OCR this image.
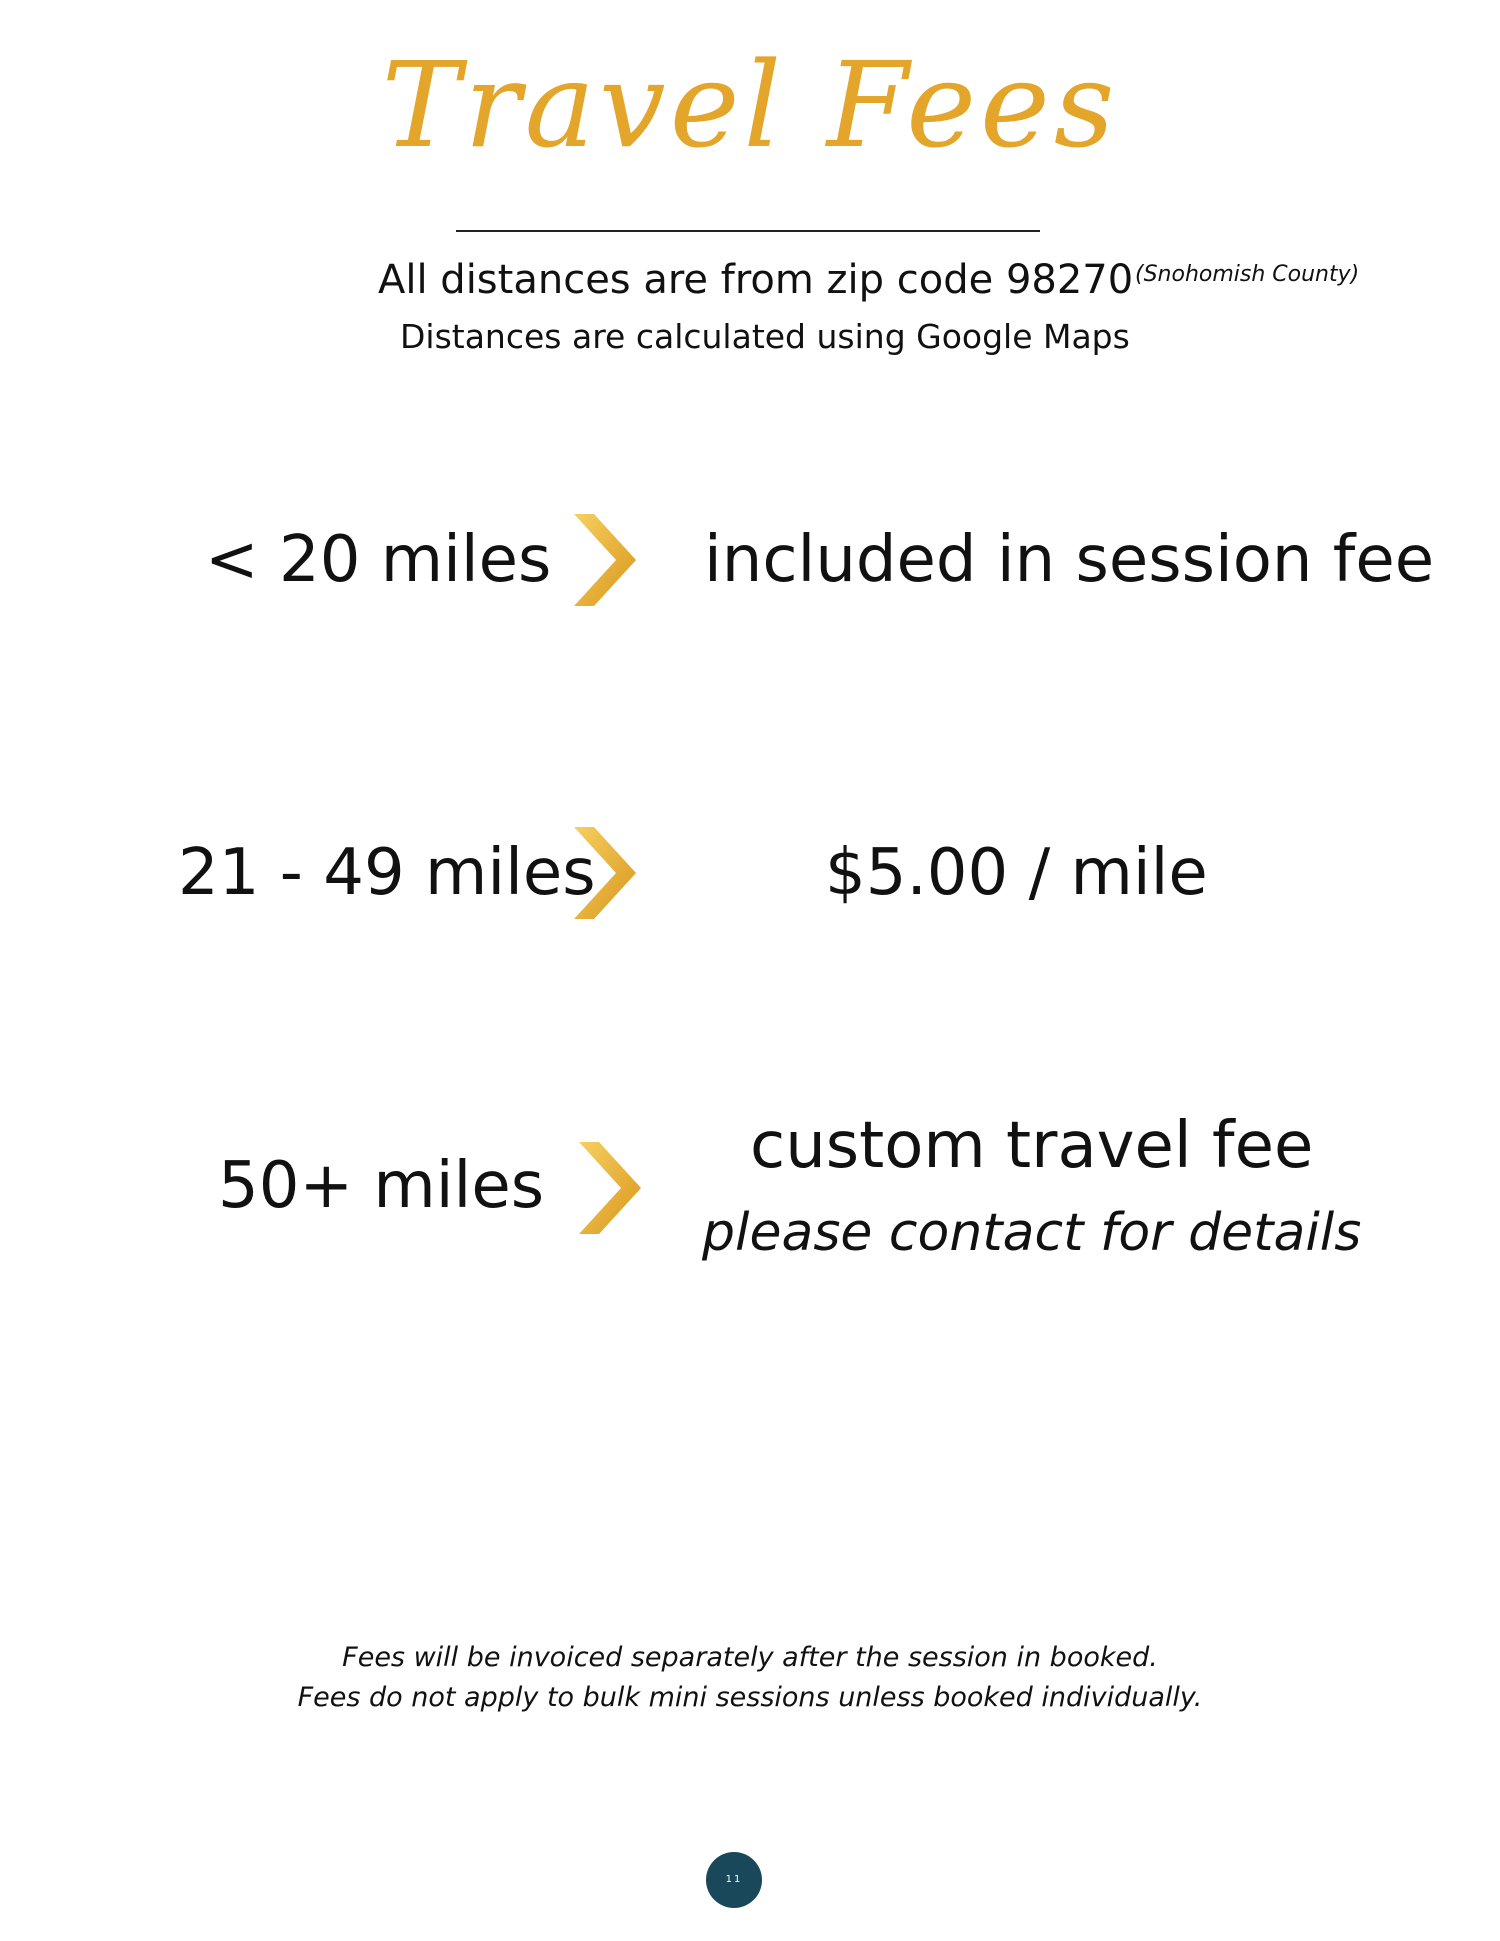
Travel Fees
All distances are from zip code 98270 (Snohomish County)
Distances are calculated using Google Maps
< 20 miles included in session fee
21 - 49 miles	$5.00 / mile
50+ miles
custom travel fee
please contact for details
Fees will be invoiced separately after the session in booked.
Fees do not apply to bulk mini sessions unless booked individually.
11
